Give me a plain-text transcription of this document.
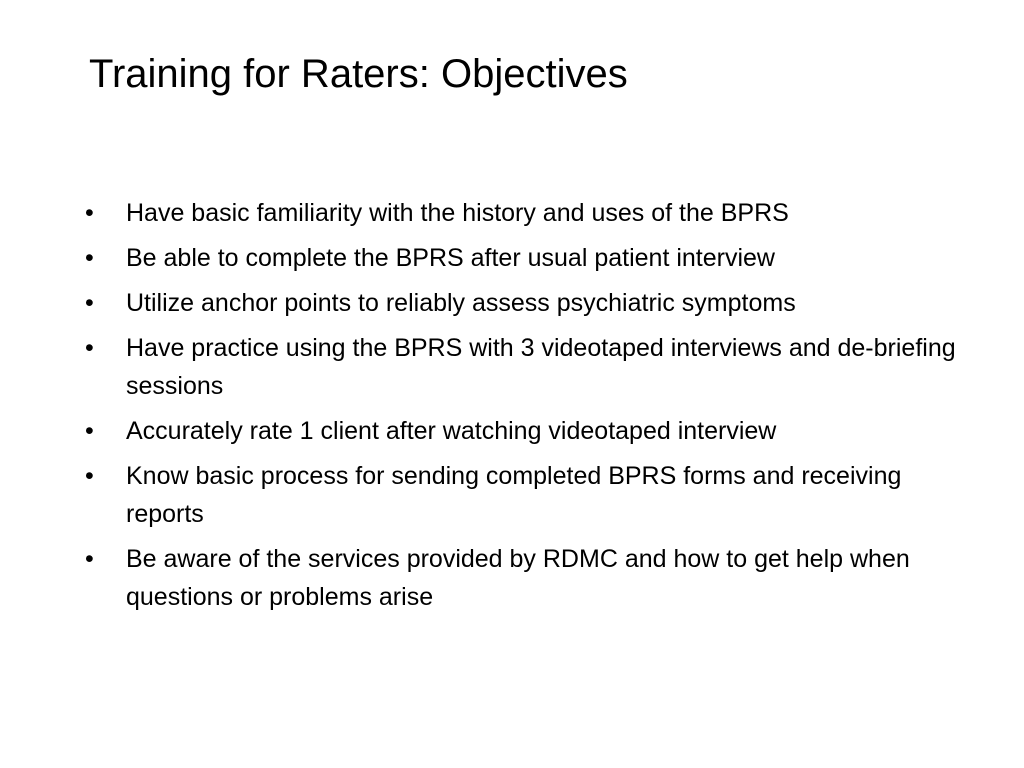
Training for Raters: Objectives
•	Have basic familiarity with the history and uses of the BPRS
•	Be able to complete the BPRS after usual patient interview
•	Utilize anchor points to reliably assess psychiatric symptoms
•	Have practice using the BPRS with 3 videotaped interviews and de-briefing sessions
•	Accurately rate 1 client after watching videotaped interview
•	Know basic process for sending completed BPRS forms and receiving reports
•	Be aware of the services provided by RDMC and how to get help when questions or problems arise
